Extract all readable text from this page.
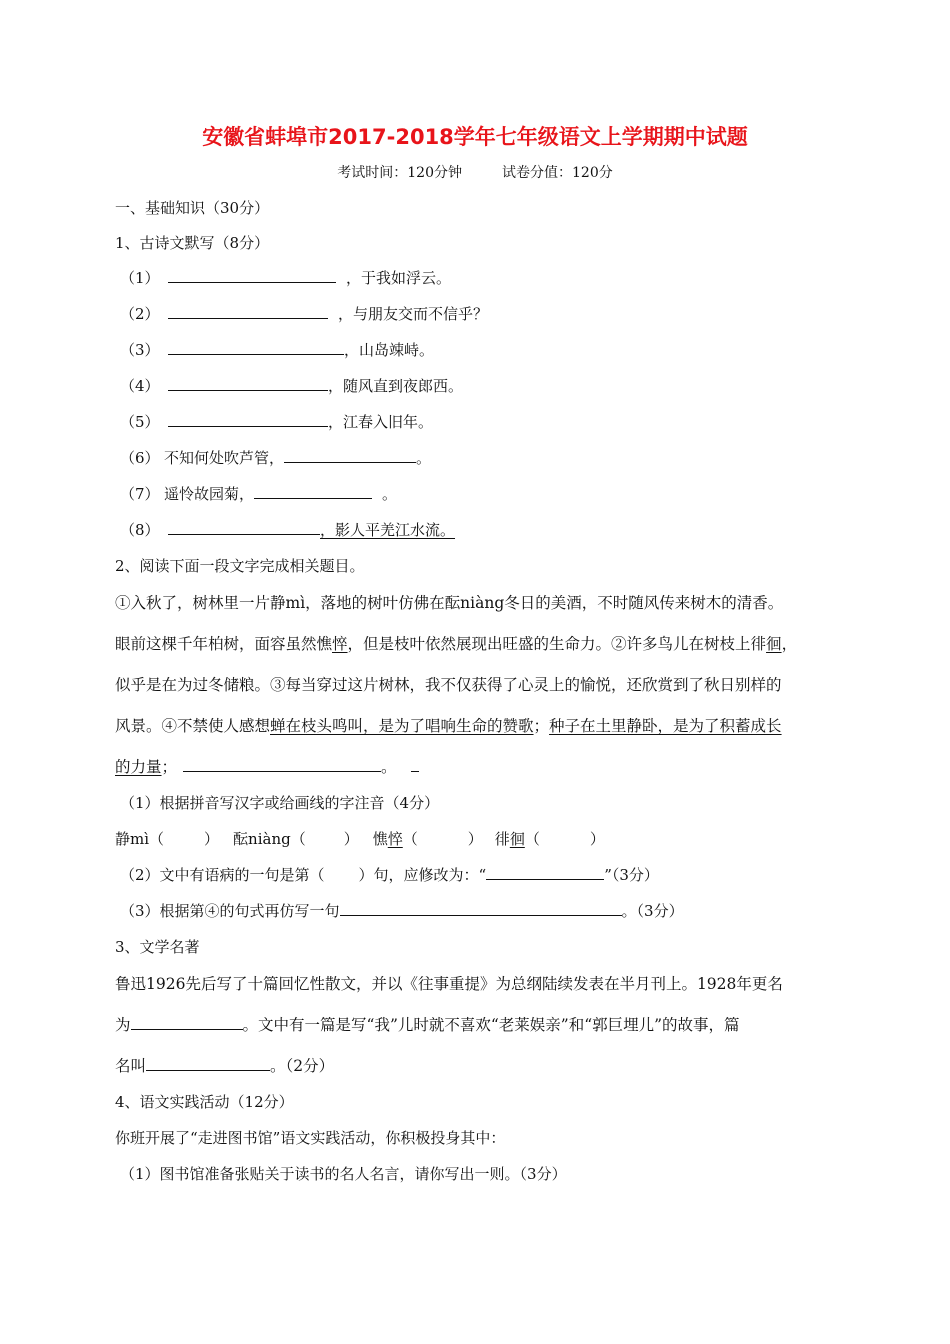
安徽省蚌埠市2017-2018学年七年级语文上学期期中试题
考试时间：120分钟	试卷分值：120分
一、基础知识（30分）
1、古诗文默写（8分）
（1）	，于我如浮云。
（2）	，与朋友交而不信乎？
（3）	，山岛竦峙。
（4）	，随风直到夜郎西。
（5）	，江春入旧年。
（6） 不知何处吹芦管，	。
（7） 遥怜故园菊，	。
（8）	，影人平羌江水流。
2、阅读下面一段文字完成相关题目。
①入秋了，树林里一片静mì，落地的树叶仿佛在酝niàng冬日的美酒，不时随风传来树木的清香。
眼前这棵千年柏树，面容虽然憔悴，但是枝叶依然展现出旺盛的生命力。②许多鸟儿在树枝上徘徊，
似乎是在为过冬储粮。③每当穿过这片树林，我不仅获得了心灵上的愉悦，还欣赏到了秋日别样的
风景。④不禁使人感想蝉在枝头鸣叫，是为了唱响生命的赞歌；种子在土里静卧，是为了积蓄成长
的力量；	。
（1）根据拼音写汉字或给画线的字注音（4分）
静mì（	） 酝niàng（	） 憔悴（	） 徘徊（	）
（2）文中有语病的一句是第（ ）句，应修改为：“	”（3分）
（3）根据第④的句式再仿写一句	。（3分）
3、文学名著
鲁迅1926先后写了十篇回忆性散文，并以《往事重提》为总纲陆续发表在半月刊上。1928年更名
为	。文中有一篇是写“我”儿时就不喜欢“老莱娱亲”和“郭巨埋儿”的故事，篇
名叫	。（2分）
4、语文实践活动（12分）
你班开展了“走进图书馆”语文实践活动，你积极投身其中：
（1）图书馆准备张贴关于读书的名人名言，请你写出一则。（3分）
